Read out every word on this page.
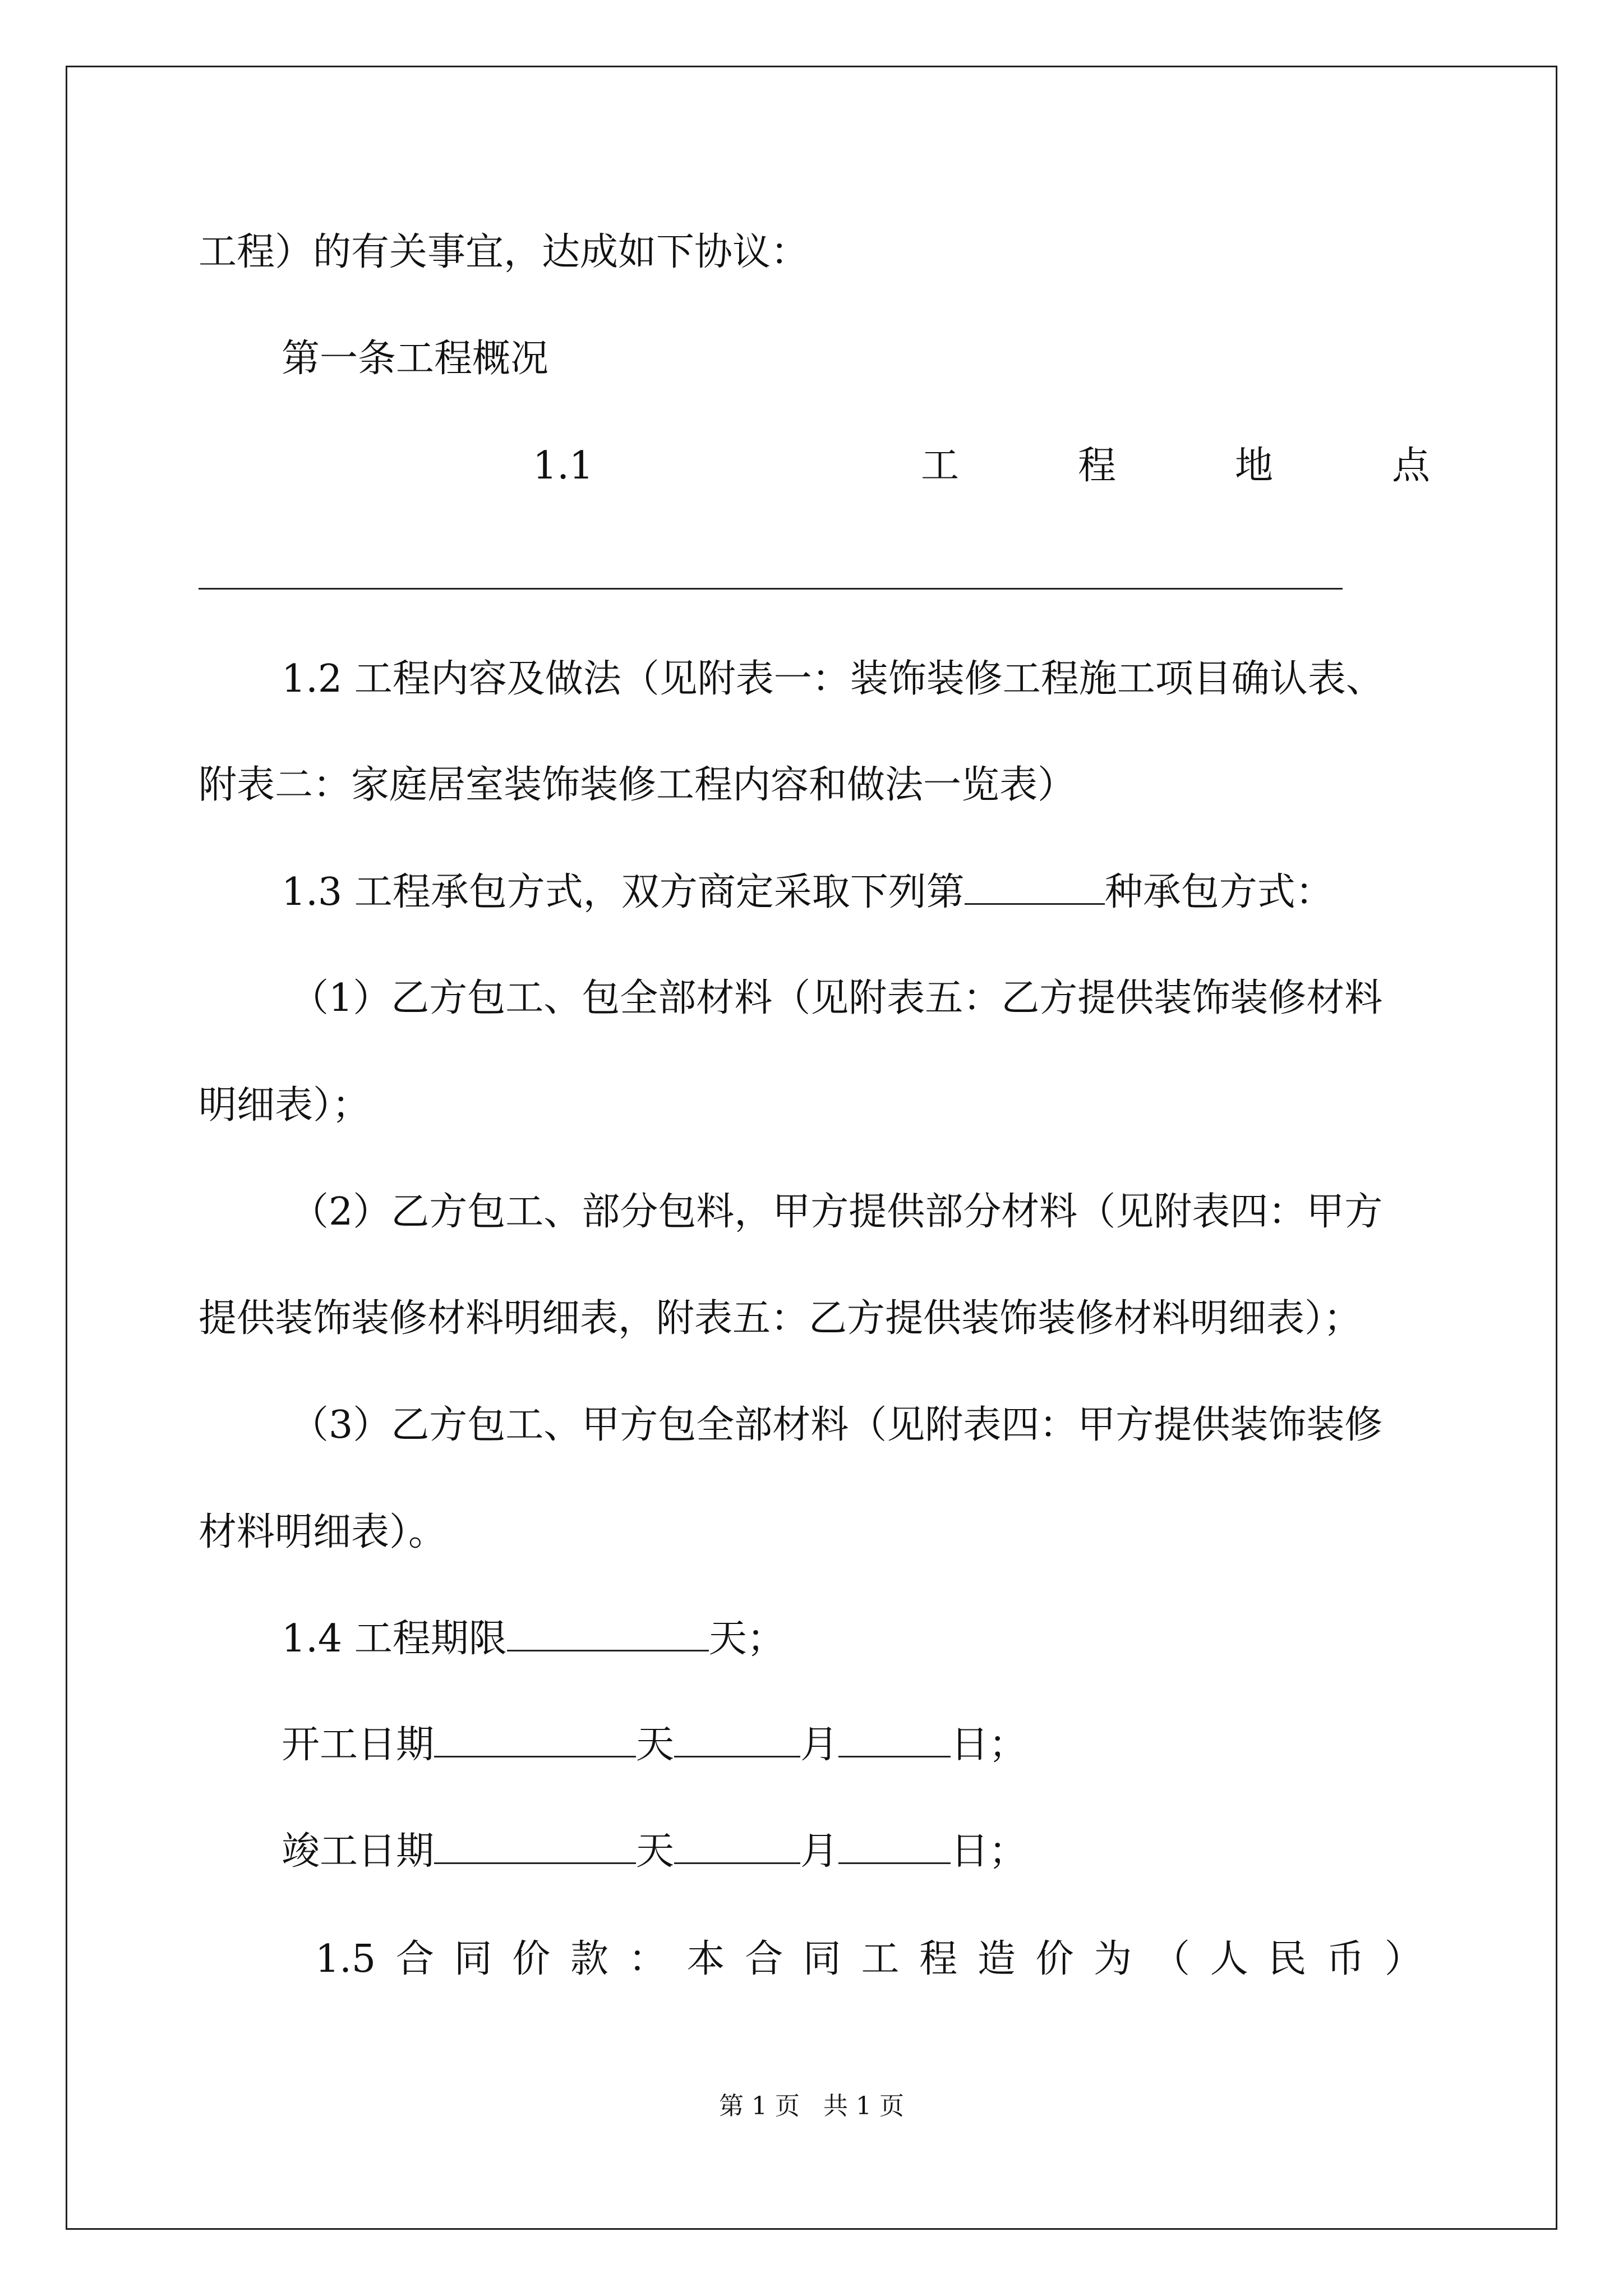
工程）的有关事宜，达成如下协议：

第一条工程概况

1.1	工	程	地	点

1.2 工程内容及做法（见附表一：装饰装修工程施工项目确认表、

附表二：家庭居室装饰装修工程内容和做法一览表）

1.3 工程承包方式，双方商定采取下列第	种承包方式：

（1）乙方包工、包全部材料（见附表五：乙方提供装饰装修材料

明细表）；

（2）乙方包工、部分包料，甲方提供部分材料（见附表四：甲方

提供装饰装修材料明细表，附表五：乙方提供装饰装修材料明细表）；

（3）乙方包工、甲方包全部材料（见附表四：甲方提供装饰装修

材料明细表）。

1.4 工程期限	天；

开工日期	天	月	日；

竣工日期	天	月	日；

1.5 合 同 价 款 ： 本 合 同 工 程 造 价 为 （ 人 民 币 ）
第 1 页 共 1 页
